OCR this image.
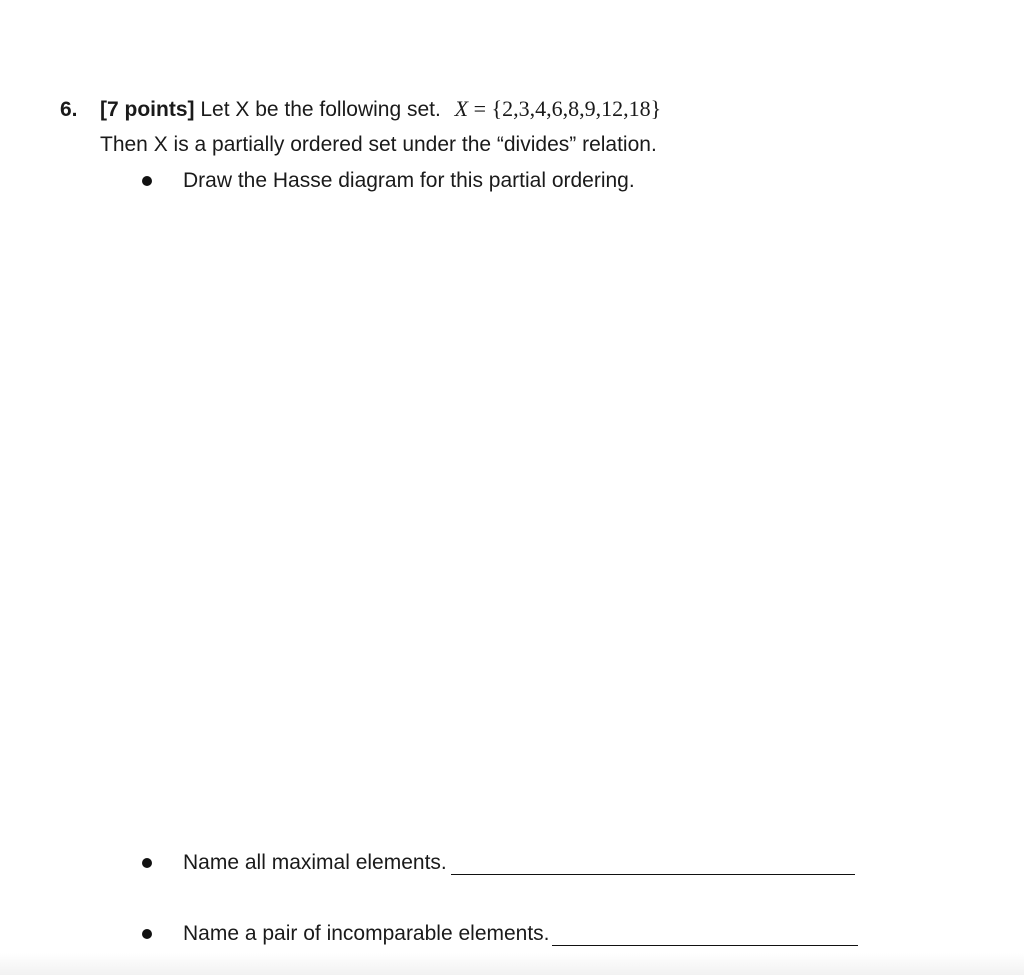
6. [7 points] Let X be the following set. X = {2,3,4,6,8,9,12,18}
Then X is a partially ordered set under the “divides” relation.
Draw the Hasse diagram for this partial ordering.
Name all maximal elements.
Name a pair of incomparable elements.
